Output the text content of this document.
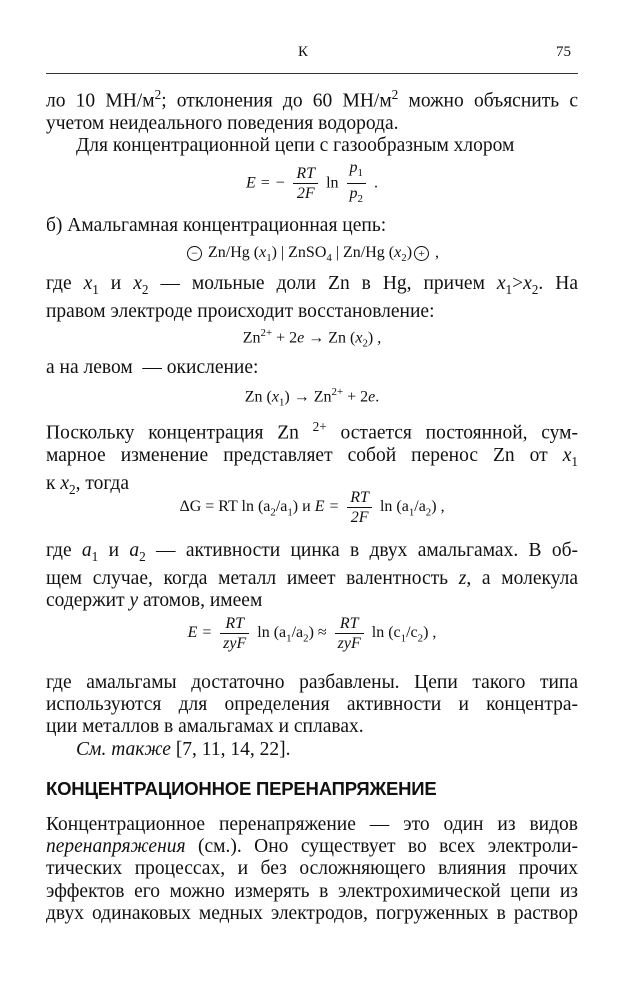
К	75
ло 10 $МН/м^2$; отклонения до 60 $МН/м^2$ можно объяснить с
учетом неидеального поведения водорода.
Для концентрационной цепи с газообразным хлором
E = − $\frac{RT}{2F}$ $\ln \frac{p_1}{p_2}$ .
б) Амальгамная концентрационная цепь:
− Zn/Hg $(x_1)$ | ZnSO$_4$ | Zn/Hg $(x_2)$ + ,
где $x_1$ и $x_2$ — мольные доли Zn в Hg, причем $x_1>x_2$. На
правом электроде происходит восстановление:
$Zn^{2+} + 2e \to Zn$ $(x_2)$ ,
а на левом  — окисление:
Zn $(x_1) \to Zn^{2+} + 2e$.
Поскольку концентрация Zn $^{2+}$ остается постоянной, сум-
марное изменение представляет собой перенос Zn от $x_1$
к $x_2$, тогда
ΔG = RT $\ln (a_2/a_1)$ и $E = \frac{RT}{2F}$ $\ln (a_1/a_2)$ ,
где $a_1$ и $a_2$ — активности цинка в двух амальгамах. В об-
щем случае, когда металл имеет валентность z, а молекула
содержит y атомов, имеем
$E = \frac{RT}{\text{zyF}}$ $\ln (a_1/a_2) \approx \frac{RT}{\text{zyF}}$ $\ln (c_1/c_2)$ ,
где амальгамы достаточно разбавлены. Цепи такого типа
используются для определения активности и концентра-
ции металлов в амальгамах и сплавах.
См. также [7, 11, 14, 22].
КОНЦЕНТРАЦИОННОЕ ПЕРЕНАПРЯЖЕНИЕ
Концентрационное перенапряжение — это один из видов
перенапряжения (см.). Оно существует во всех электроли-
тических процессах, и без осложняющего влияния прочих
эффектов его можно измерять в электрохимической цепи из
двух одинаковых медных электродов, погруженных в раствор
